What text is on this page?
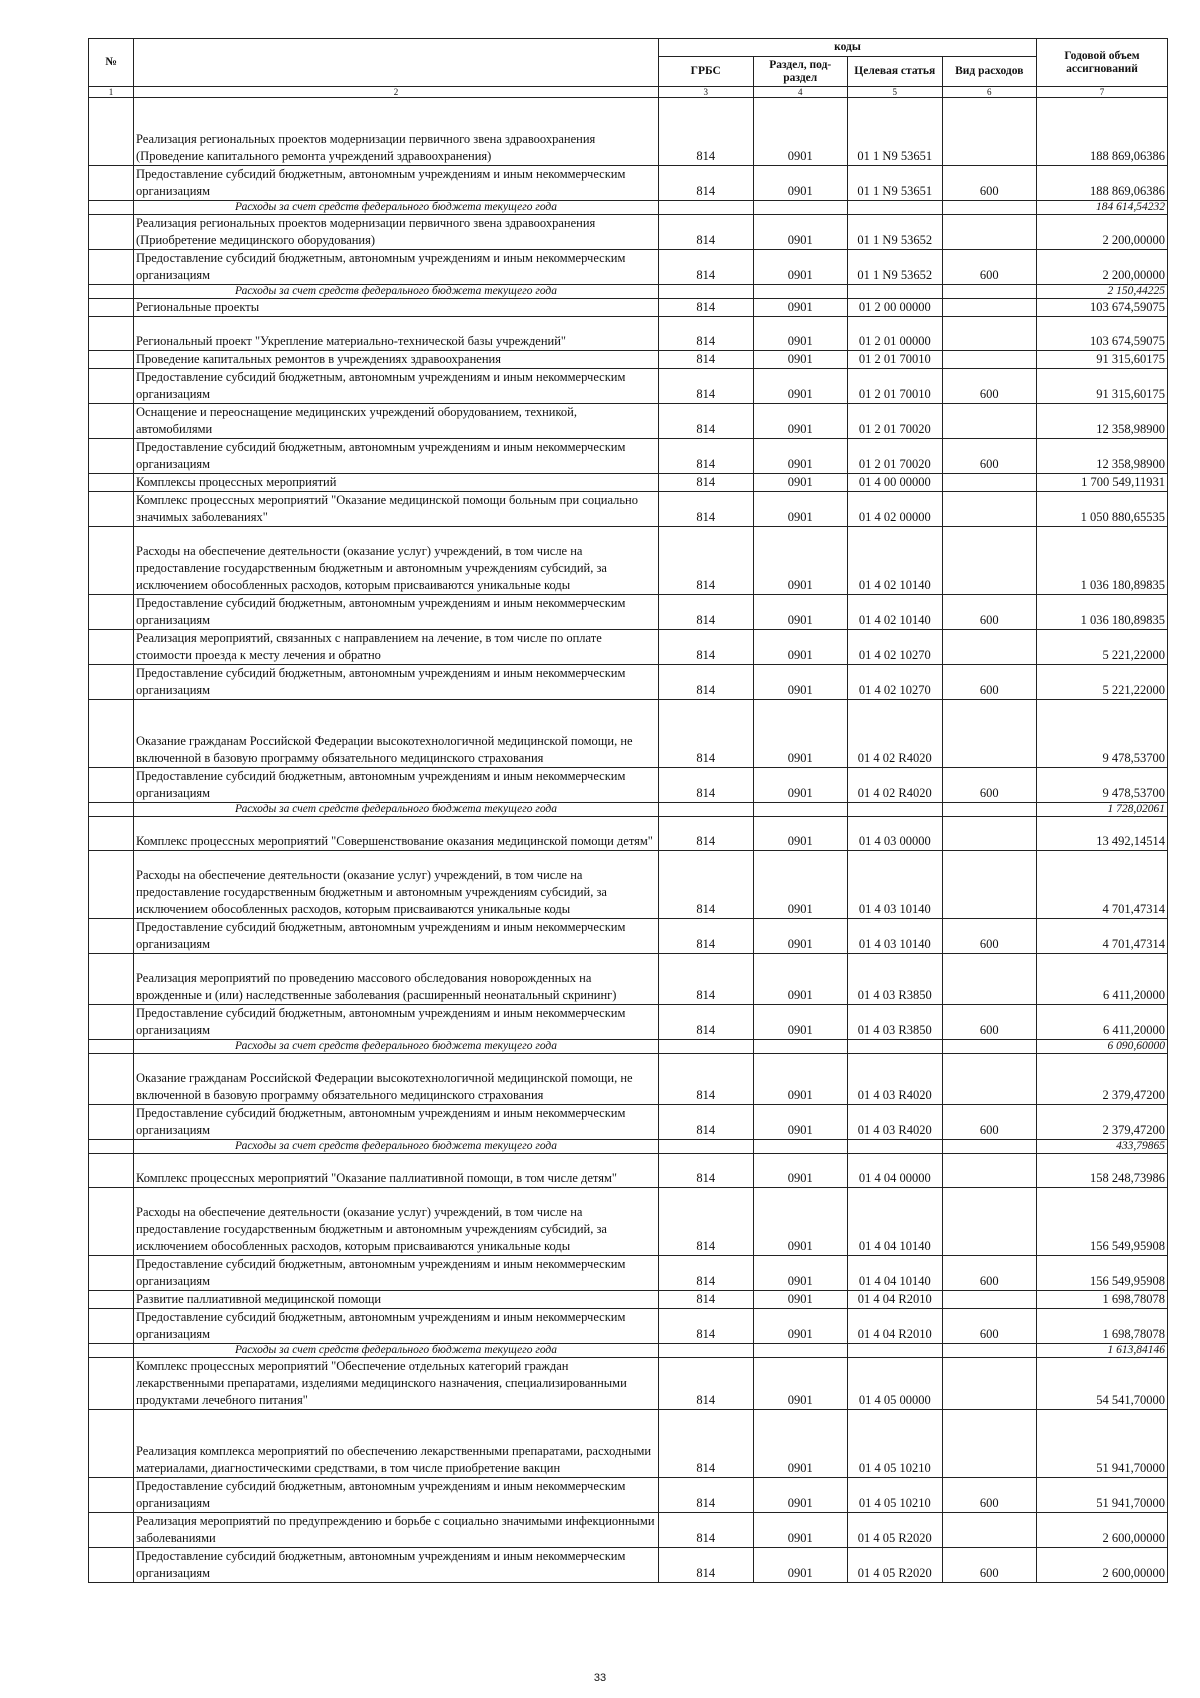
№		коды				Годовой объем ассигнований
		ГРБС	Раздел, под-раздел	Целевая статья	Вид расходов	
1	2	3	4	5	6	7
	Реализация региональных проектов модернизации первичного звена здравоохранения (Проведение капитального ремонта учреждений здравоохранения)	814	0901	01 1 N9 53651		188 869,06386
	Предоставление субсидий бюджетным, автономным учреждениям и иным некоммерческим организациям	814	0901	01 1 N9 53651	600	188 869,06386
	Расходы за счет средств федерального бюджета текущего года					184 614,54232
	Реализация региональных проектов модернизации первичного звена здравоохранения (Приобретение медицинского оборудования)	814	0901	01 1 N9 53652		2 200,00000
	Предоставление субсидий бюджетным, автономным учреждениям и иным некоммерческим организациям	814	0901	01 1 N9 53652	600	2 200,00000
	Расходы за счет средств федерального бюджета текущего года					2 150,44225
	Региональные проекты	814	0901	01 2 00 00000		103 674,59075
	Региональный проект "Укрепление материально-технической базы учреждений"	814	0901	01 2 01 00000		103 674,59075
	Проведение капитальных ремонтов в учреждениях здравоохранения	814	0901	01 2 01 70010		91 315,60175
	Предоставление субсидий бюджетным, автономным учреждениям и иным некоммерческим организациям	814	0901	01 2 01 70010	600	91 315,60175
	Оснащение и переоснащение медицинских учреждений оборудованием, техникой, автомобилями	814	0901	01 2 01 70020		12 358,98900
	Предоставление субсидий бюджетным, автономным учреждениям и иным некоммерческим организациям	814	0901	01 2 01 70020	600	12 358,98900
	Комплексы процессных мероприятий	814	0901	01 4 00 00000		1 700 549,11931
	Комплекс процессных мероприятий "Оказание медицинской помощи больным при социально значимых заболеваниях"	814	0901	01 4 02 00000		1 050 880,65535
	Расходы на обеспечение деятельности (оказание услуг) учреждений, в том числе на предоставление государственным бюджетным и автономным учреждениям субсидий, за исключением обособленных расходов, которым присваиваются уникальные коды	814	0901	01 4 02 10140		1 036 180,89835
	Предоставление субсидий бюджетным, автономным учреждениям и иным некоммерческим организациям	814	0901	01 4 02 10140	600	1 036 180,89835
	Реализация мероприятий, связанных с направлением на лечение, в том числе по оплате стоимости проезда к месту лечения и обратно	814	0901	01 4 02 10270		5 221,22000
	Предоставление субсидий бюджетным, автономным учреждениям и иным некоммерческим организациям	814	0901	01 4 02 10270	600	5 221,22000
	Оказание гражданам Российской Федерации высокотехнологичной медицинской помощи, не включенной в базовую программу обязательного медицинского страхования	814	0901	01 4 02 R4020		9 478,53700
	Предоставление субсидий бюджетным, автономным учреждениям и иным некоммерческим организациям	814	0901	01 4 02 R4020	600	9 478,53700
	Расходы за счет средств федерального бюджета текущего года					1 728,02061
	Комплекс процессных мероприятий "Совершенствование оказания медицинской помощи детям"	814	0901	01 4 03 00000		13 492,14514
	Расходы на обеспечение деятельности (оказание услуг) учреждений, в том числе на предоставление государственным бюджетным и автономным учреждениям субсидий, за исключением обособленных расходов, которым присваиваются уникальные коды	814	0901	01 4 03 10140		4 701,47314
	Предоставление субсидий бюджетным, автономным учреждениям и иным некоммерческим организациям	814	0901	01 4 03 10140	600	4 701,47314
	Реализация мероприятий по проведению массового обследования новорожденных на врожденные и (или) наследственные заболевания (расширенный неонатальный скрининг)	814	0901	01 4 03 R3850		6 411,20000
	Предоставление субсидий бюджетным, автономным учреждениям и иным некоммерческим организациям	814	0901	01 4 03 R3850	600	6 411,20000
	Расходы за счет средств федерального бюджета текущего года					6 090,60000
	Оказание гражданам Российской Федерации высокотехнологичной медицинской помощи, не включенной в базовую программу обязательного медицинского страхования	814	0901	01 4 03 R4020		2 379,47200
	Предоставление субсидий бюджетным, автономным учреждениям и иным некоммерческим организациям	814	0901	01 4 03 R4020	600	2 379,47200
	Расходы за счет средств федерального бюджета текущего года					433,79865
	Комплекс процессных мероприятий "Оказание паллиативной помощи, в том числе детям"	814	0901	01 4 04 00000		158 248,73986
	Расходы на обеспечение деятельности (оказание услуг) учреждений, в том числе на предоставление государственным бюджетным и автономным учреждениям субсидий, за исключением обособленных расходов, которым присваиваются уникальные коды	814	0901	01 4 04 10140		156 549,95908
	Предоставление субсидий бюджетным, автономным учреждениям и иным некоммерческим организациям	814	0901	01 4 04 10140	600	156 549,95908
	Развитие паллиативной медицинской помощи	814	0901	01 4 04 R2010		1 698,78078
	Предоставление субсидий бюджетным, автономным учреждениям и иным некоммерческим организациям	814	0901	01 4 04 R2010	600	1 698,78078
	Расходы за счет средств федерального бюджета текущего года					1 613,84146
	Комплекс процессных мероприятий "Обеспечение отдельных категорий граждан лекарственными препаратами, изделиями медицинского назначения, специализированными продуктами лечебного питания"	814	0901	01 4 05 00000		54 541,70000
	Реализация комплекса мероприятий по обеспечению лекарственными препаратами, расходными материалами, диагностическими средствами, в том числе приобретение вакцин	814	0901	01 4 05 10210		51 941,70000
	Предоставление субсидий бюджетным, автономным учреждениям и иным некоммерческим организациям	814	0901	01 4 05 10210	600	51 941,70000
	Реализация мероприятий по предупреждению и борьбе с социально значимыми инфекционными заболеваниями	814	0901	01 4 05 R2020		2 600,00000
	Предоставление субсидий бюджетным, автономным учреждениям и иным некоммерческим организациям	814	0901	01 4 05 R2020	600	2 600,00000
33
